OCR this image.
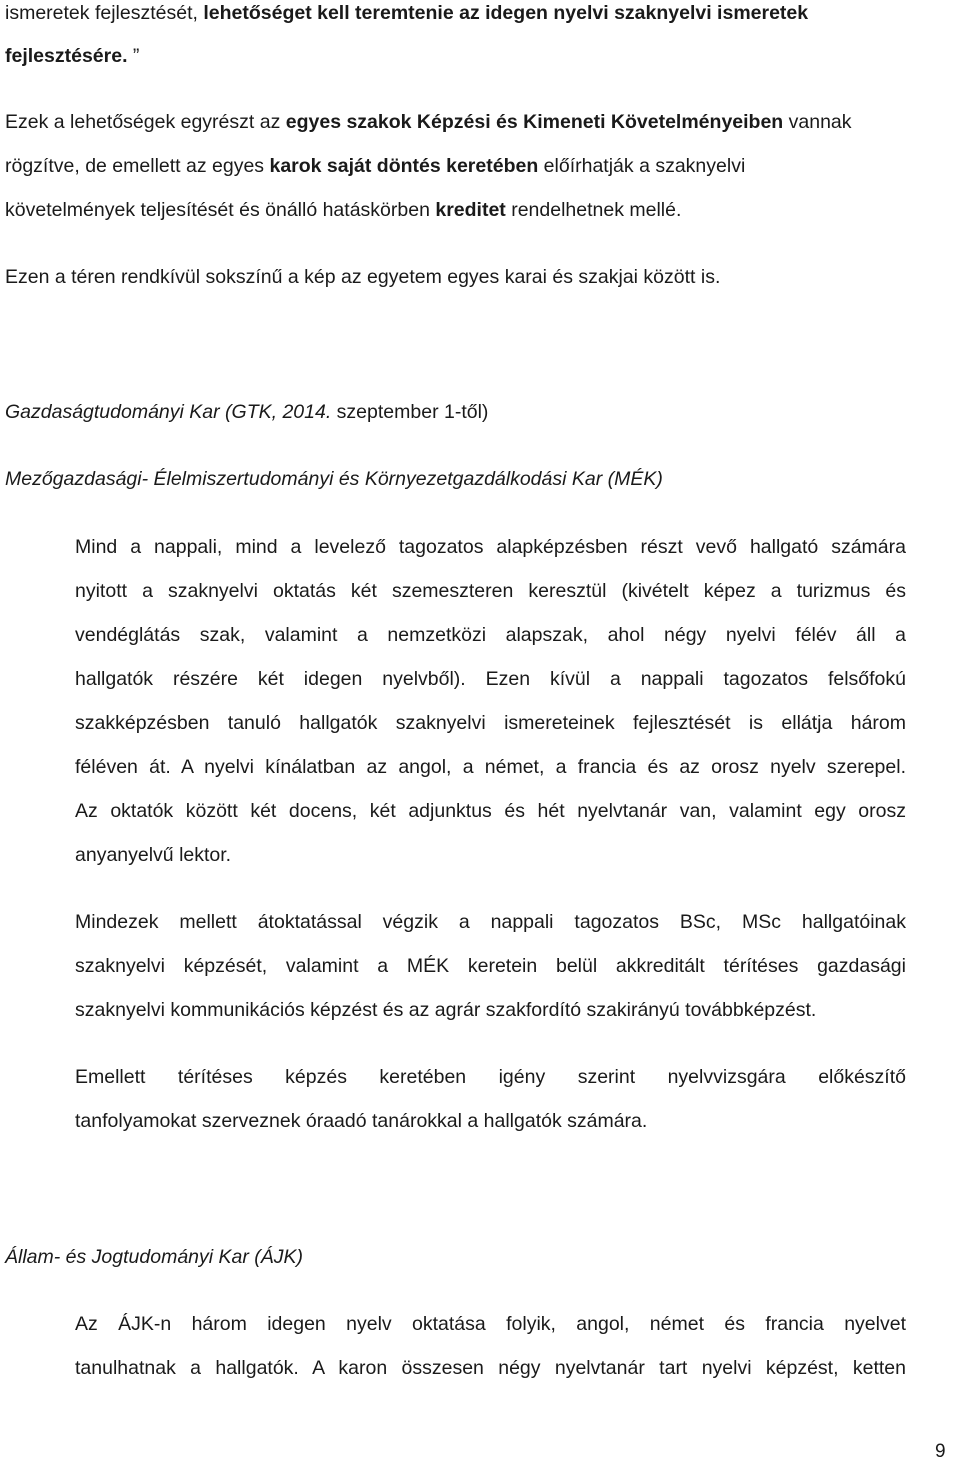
ismeretek fejlesztését, lehetőséget kell teremtenie az idegen nyelvi szaknyelvi ismeretek
fejlesztésére. ”
Ezek a lehetőségek egyrészt az egyes szakok Képzési és Kimeneti Követelményeiben vannak
rögzítve, de emellett az egyes karok saját döntés keretében előírhatják a szaknyelvi
követelmények teljesítését és önálló hatáskörben kreditet rendelhetnek mellé.
Ezen a téren rendkívül sokszínű a kép az egyetem egyes karai és szakjai között is.
Gazdaságtudományi Kar (GTK, 2014. szeptember 1-től)
Mezőgazdasági- Élelmiszertudományi és Környezetgazdálkodási Kar (MÉK)
Mind a nappali, mind a levelező tagozatos alapképzésben részt vevő hallgató számára
nyitott a szaknyelvi oktatás két szemeszteren keresztül (kivételt képez a turizmus és
vendéglátás szak, valamint a nemzetközi alapszak, ahol négy nyelvi félév áll a
hallgatók részére két idegen nyelvből). Ezen kívül a nappali tagozatos felsőfokú
szakképzésben tanuló hallgatók szaknyelvi ismereteinek fejlesztését is ellátja három
féléven át. A nyelvi kínálatban az angol, a német, a francia és az orosz nyelv szerepel.
Az oktatók között két docens, két adjunktus és hét nyelvtanár van, valamint egy orosz
anyanyelvű lektor.
Mindezek mellett átoktatással végzik a nappali tagozatos BSc, MSc hallgatóinak
szaknyelvi képzését, valamint a MÉK keretein belül akkreditált térítéses gazdasági
szaknyelvi kommunikációs képzést és az agrár szakfordító szakirányú továbbképzést.
Emellett térítéses képzés keretében igény szerint nyelvvizsgára előkészítő
tanfolyamokat szerveznek óraadó tanárokkal a hallgatók számára.
Állam- és Jogtudományi Kar (ÁJK)
Az ÁJK-n három idegen nyelv oktatása folyik, angol, német és francia nyelvet
tanulhatnak a hallgatók. A karon összesen négy nyelvtanár tart nyelvi képzést, ketten
9
